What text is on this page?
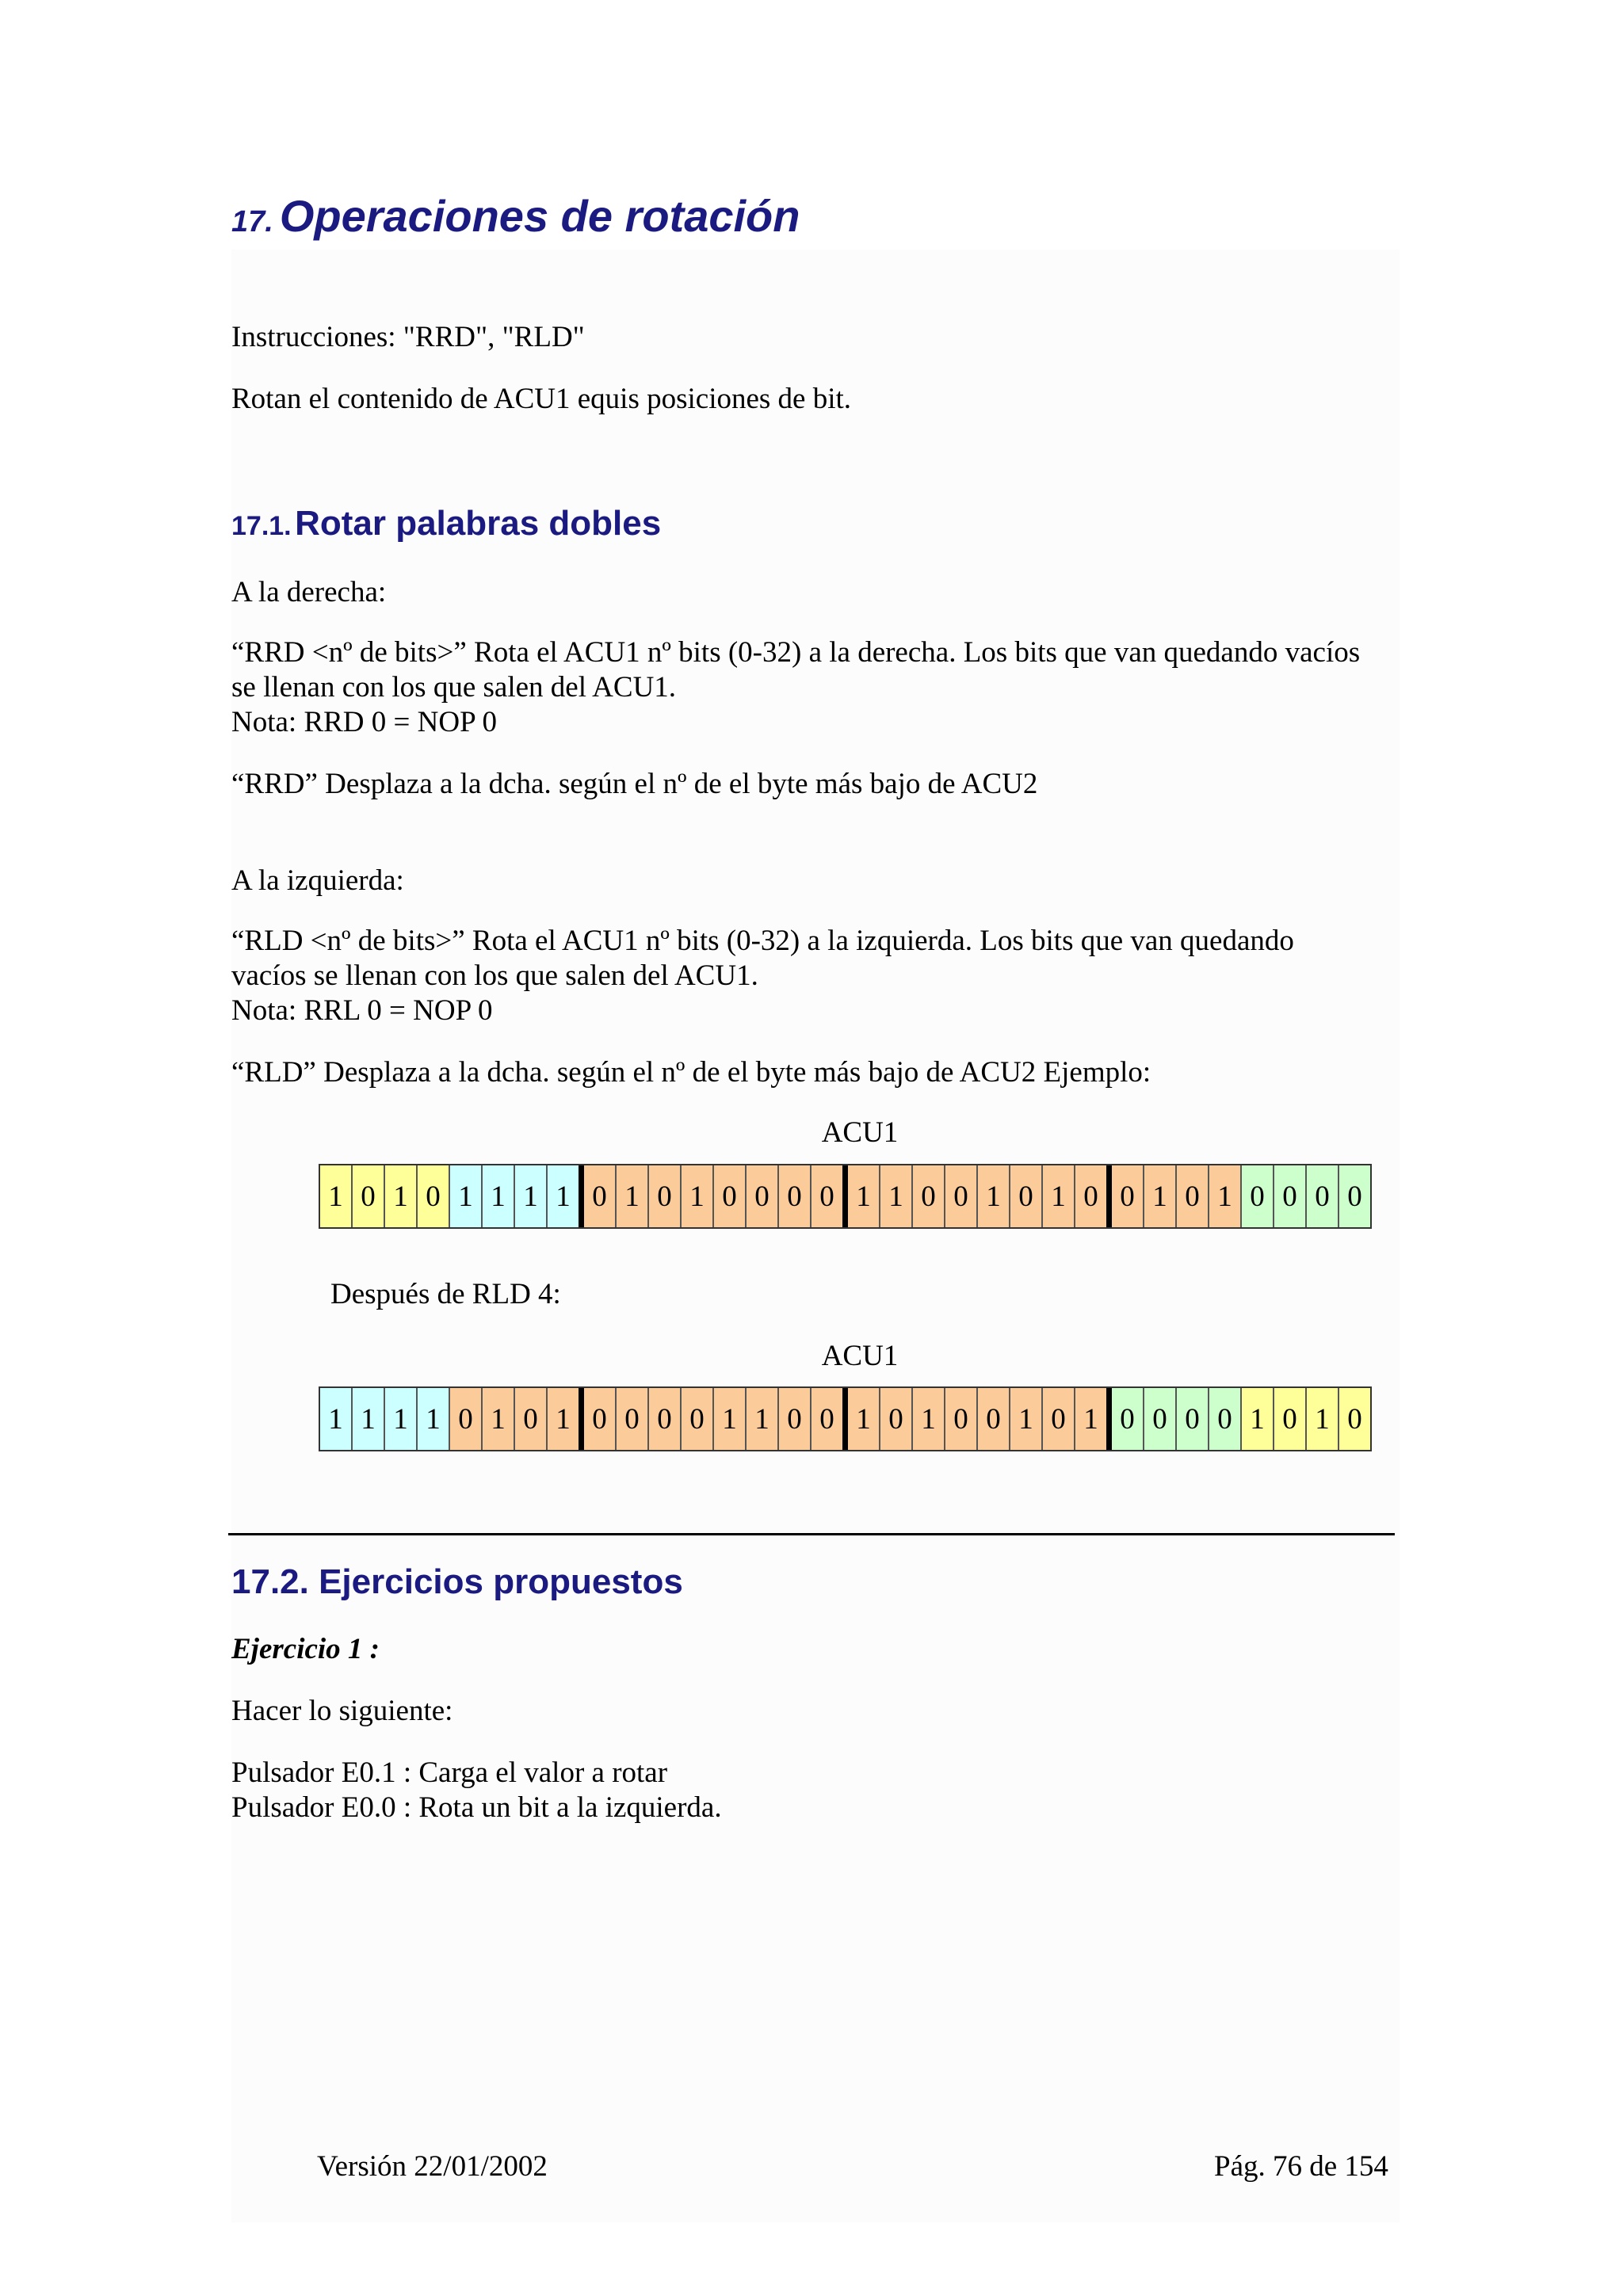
17. Operaciones de rotación
Instrucciones: "RRD", "RLD"
Rotan el contenido de ACU1 equis posiciones de bit.
17.1. Rotar palabras dobles
A la derecha:
“RRD <nº de bits>” Rota el ACU1 nº bits (0-32) a la derecha. Los bits que van quedando vacíos
se llenan con los que salen del ACU1.
Nota: RRD 0 = NOP 0
“RRD” Desplaza a la dcha. según el nº de el byte más bajo de ACU2
A la izquierda:
“RLD <nº de bits>” Rota el ACU1 nº bits (0-32) a la izquierda. Los bits que van quedando
vacíos se llenan con los que salen del ACU1.
Nota: RRL 0 = NOP 0
“RLD” Desplaza a la dcha. según el nº de el byte más bajo de ACU2 Ejemplo:
ACU1
1 0 1 0 1 1 1 1 0 1 0 1 0 0 0 0 1 1 0 0 1 0 1 0 0 1 0 1 0 0 0 0
Después de RLD 4:
ACU1
1 1 1 1 0 1 0 1 0 0 0 0 1 1 0 0 1 0 1 0 0 1 0 1 0 0 0 0 1 0 1 0
17.2. Ejercicios propuestos
Ejercicio 1 :
Hacer lo siguiente:
Pulsador E0.1 : Carga el valor a rotar
Pulsador E0.0 : Rota un bit a la izquierda.
Versión 22/01/2002	Pág. 76 de 154
